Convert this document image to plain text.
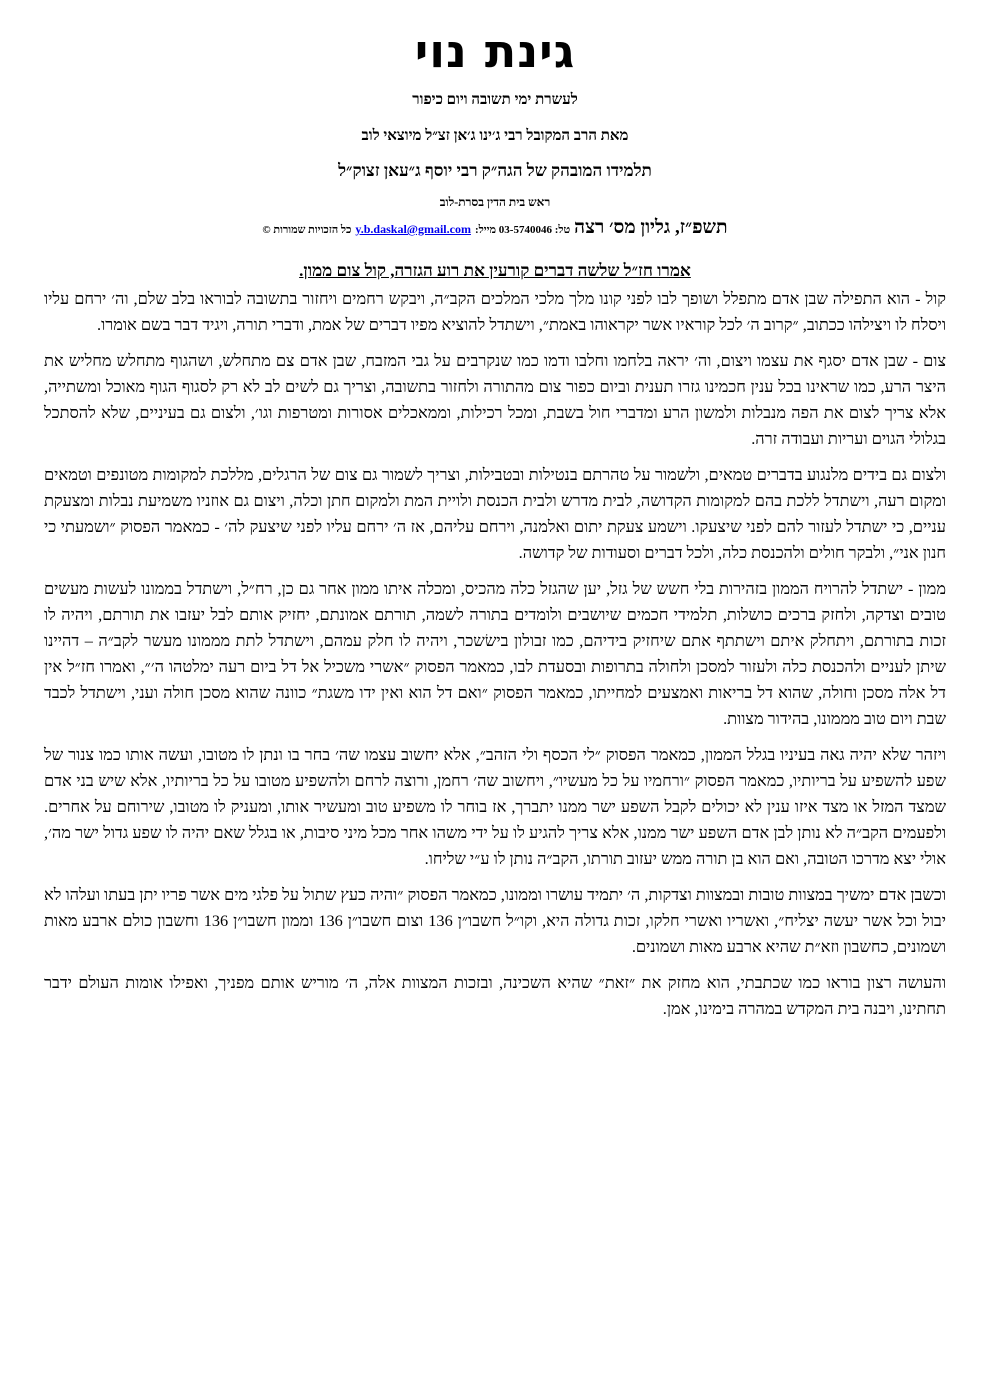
גינת נוי
לעשרת ימי תשובה ויום כיפור
מאת הרב המקובל רבי ג׳ינו ג׳אן זצ״ל מיוצאי לוב
תלמידו המובהק של הגה״ק רבי יוסף ג״עאן זצוק״ל
ראש בית הדין בסרת-לוב
תשפ״ז, גליון מס׳ רצה טל: 03-5740046 מייל: y.b.daskal@gmail.com כל הזכויות שמורות ©
אמרו חז״ל שלשה דברים קורעין את רוע הגזרה, קול צום ממון.

קול - הוא התפילה שבן אדם מתפלל ושופך לבו לפני קונו מלך מלכי המלכים הקב״ה, ויבקש רחמים ויחזור בתשובה לבוראו בלב שלם, וה׳ ירחם עליו ויסלח לו ויצילהו ככתוב, ״קרוב ה׳ לכל קוראיו אשר יקראוהו באמת״, וישתדל להוציא מפיו דברים של אמת, ודברי תורה, ויגיד דבר בשם אומרו.

צום - שבן אדם יסגף את עצמו ויצום, וה׳ יראה בלחמו וחלבו ודמו כמו שנקרבים על גבי המזבח, שבן אדם צם מתחלש, ושהגוף מתחלש מחליש את היצר הרע, כמו שראינו בכל ענין חכמינו גזרו תענית וביום כפור צום מהתורה ולחזור בתשובה, וצריך גם לשים לב לא רק לסגוף הגוף מאוכל ומשתייה, אלא צריך לצום את הפה מנבלות ולמשון הרע ומדברי חול בשבת, ומכל רכילות, וממאכלים אסורות ומטרפות וגו׳, ולצום גם בעיניים, שלא להסתכל בגלולי הגוים ועריות ועבודה זרה.

ולצום גם בידים מלנגוע בדברים טמאים, ולשמור על טהרתם בנטילות ובטבילות, וצריך לשמור גם צום של הרגלים, מללכת למקומות מטונפים וטמאים ומקום רעה, וישתדל ללכת בהם למקומות הקדושה, לבית מדרש ולבית הכנסת ולויית המת ולמקום חתן וכלה, ויצום גם אוזניו משמיעת נבלות ומצעקת עניים, כי ישתדל לעזור להם לפני שיצעקו. וישמע צעקת יתום ואלמנה, וירחם עליהם, אז ה׳ ירחם עליו לפני שיצעק לה׳ - כמאמר הפסוק ״ושמעתי כי חנון אני״, ולבקר חולים ולהכנסת כלה, ולכל דברים וסעודות של קדושה.

ממון - ישתדל להרויח הממון בזהירות בלי חשש של גזל, יען שהגזל כלה מהכיס, ומכלה איתו ממון אחר גם כן, רח״ל, וישתדל בממונו לעשות מעשים טובים וצדקה, ולחזק ברכים כושלות, תלמידי חכמים שיושבים ולומדים בתורה לשמה, תורתם אמונתם, יחזיק אותם לבל יעזבו את תורתם, ויהיה לו זכות בתורתם, ויתחלק איתם וישתתף אתם שיחזיק בידיהם, כמו זבולון בישׂשכר, ויהיה לו חלק עמהם, וישתדל לתת מממונו מעשר לקב״ה – דהיינו שיתן לעניים ולהכנסת כלה ולעזור למסכן ולחולה בתרופות ובסעדת לבו, כמאמר הפסוק ״אשרי משכיל אל דל ביום רעה ימלטהו ה׳״, ואמרו חז״ל אין דל אלה מסכן וחולה, שהוא דל בריאות ואמצעים למחייתו, כמאמר הפסוק ״ואם דל הוא ואין ידו משגת״ כוונה שהוא מסכן חולה ועני, וישתדל לכבד שבת ויום טוב מממונו, בהידור מצוות.

ויזהר שלא יהיה גאה בעיניו בגלל הממון, כמאמר הפסוק ״לי הכסף ולי הזהב״, אלא יחשוב עצמו שה׳ בחר בו ונתן לו מטובו, ועשה אותו כמו צנור של שפע להשפיע על בריותיו, כמאמר הפסוק ״ורחמיו על כל מעשיו״, ויחשוב שה׳ רחמן, ורוצה לרחם ולהשפיע מטובו על כל בריותיו, אלא שיש בני אדם שמצד המזל או מצד איזו ענין לא יכולים לקבל השפע ישר ממנו יתברך, אז בוחר לו משפיע טוב ומעשיר אותו, ומעניק לו מטובו, שירוחם על אחרים. ולפעמים הקב״ה לא נותן לבן אדם השפע ישר ממנו, אלא צריך להגיע לו על ידי משהו אחר מכל מיני סיבות, או בגלל שאם יהיה לו שפע גדול ישר מה׳, אולי יצא מדרכו הטובה, ואם הוא בן תורה ממש יעזוב תורתו, הקב״ה נותן לו ע״י שליחו.

וכשבן אדם ימשיך במצוות טובות ובמצוות וצדקות, ה׳ יתמיד עושרו וממונו, כמאמר הפסוק ״והיה כעץ שתול על פלגי מים אשר פריו יתן בעתו ועלהו לא יבול וכל אשר יעשה יצליח״, ואשריו ואשרי חלקו, זכות גדולה היא, וקו״ל חשבו״ן 136 וצום חשבו״ן 136 וממון חשבו״ן 136 וחשבון כולם ארבע מאות ושמונים, כחשבון וזא״ת שהיא ארבע מאות ושמונים.

והעושה רצון בוראו כמו שכתבתי, הוא מחזק את ״זאת״ שהיא השכינה, ובזכות המצוות אלה, ה׳ מוריש אותם מפניך, ואפילו אומות העולם ידבר תחתינו, ויבנה בית המקדש במהרה בימינו, אמן.
